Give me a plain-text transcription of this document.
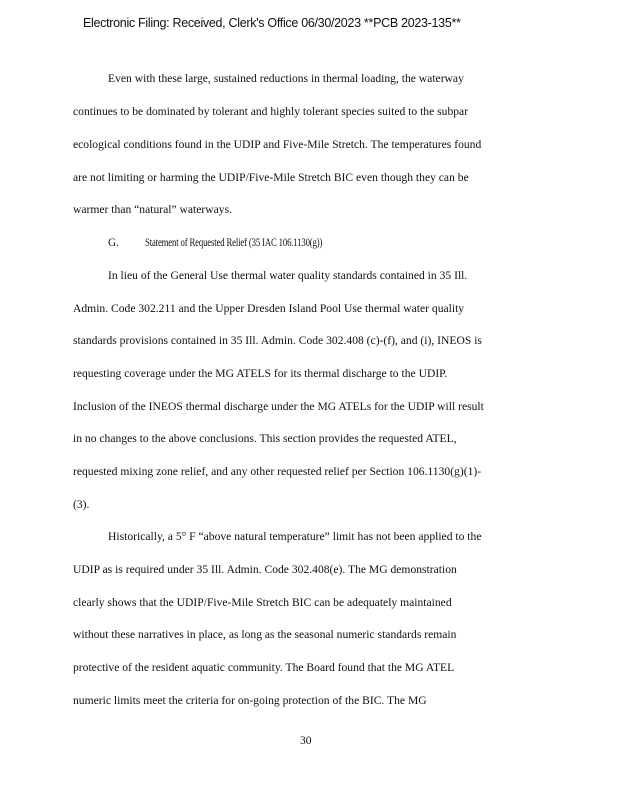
Electronic Filing: Received, Clerk's Office 06/30/2023 **PCB 2023-135**
Even with these large, sustained reductions in thermal loading, the waterway
continues to be dominated by tolerant and highly tolerant species suited to the subpar
ecological conditions found in the UDIP and Five-Mile Stretch. The temperatures found
are not limiting or harming the UDIP/Five-Mile Stretch BIC even though they can be
warmer than “natural” waterways.
G. Statement of Requested Relief (35 IAC 106.1130(g))
In lieu of the General Use thermal water quality standards contained in 35 Ill.
Admin. Code 302.211 and the Upper Dresden Island Pool Use thermal water quality
standards provisions contained in 35 Ill. Admin. Code 302.408 (c)-(f), and (i), INEOS is
requesting coverage under the MG ATELS for its thermal discharge to the UDIP.
Inclusion of the INEOS thermal discharge under the MG ATELs for the UDIP will result
in no changes to the above conclusions. This section provides the requested ATEL,
requested mixing zone relief, and any other requested relief per Section 106.1130(g)(1)-
(3).
Historically, a 5° F “above natural temperature” limit has not been applied to the
UDIP as is required under 35 Ill. Admin. Code 302.408(e). The MG demonstration
clearly shows that the UDIP/Five-Mile Stretch BIC can be adequately maintained
without these narratives in place, as long as the seasonal numeric standards remain
protective of the resident aquatic community. The Board found that the MG ATEL
numeric limits meet the criteria for on-going protection of the BIC. The MG
30
